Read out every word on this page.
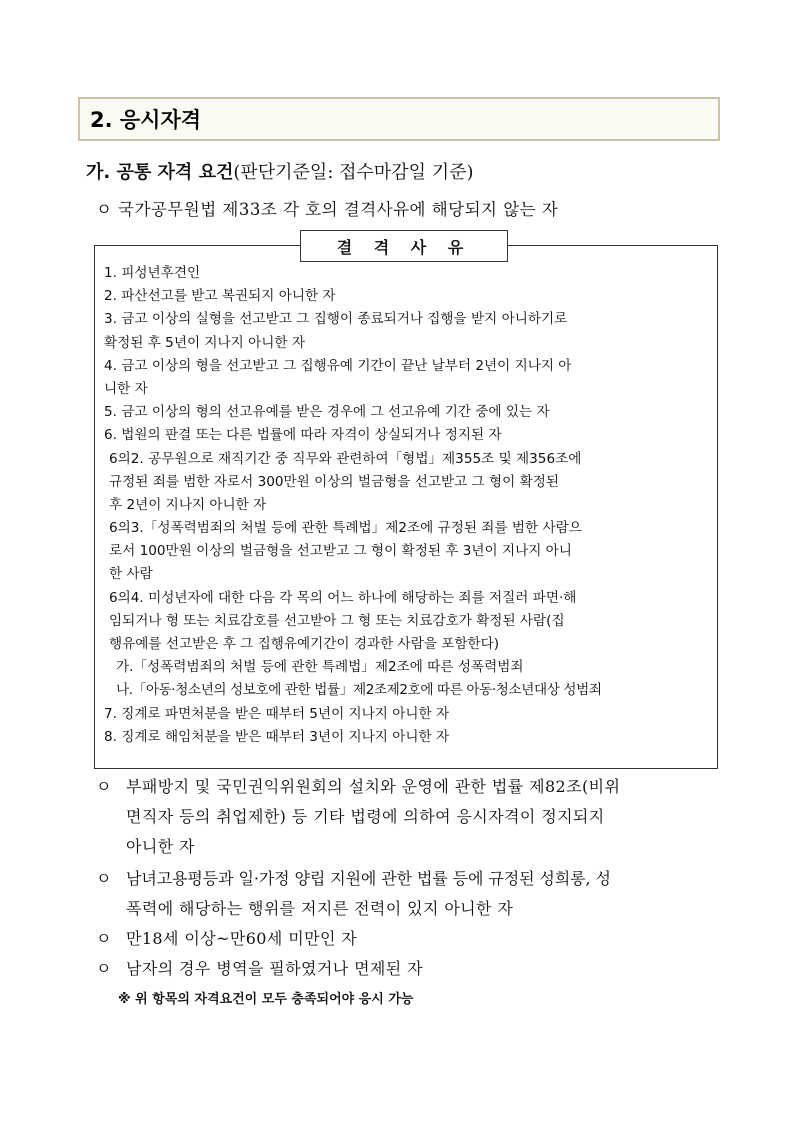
2. 응시자격
가. 공통 자격 요건(판단기준일: 접수마감일 기준)
ㅇ 국가공무원법 제33조 각 호의 결격사유에 해당되지 않는 자
결 격 사 유
1. 피성년후견인
2. 파산선고를 받고 복권되지 아니한 자
3. 금고 이상의 실형을 선고받고 그 집행이 종료되거나 집행을 받지 아니하기로
확정된 후 5년이 지나지 아니한 자
4. 금고 이상의 형을 선고받고 그 집행유예 기간이 끝난 날부터 2년이 지나지 아
니한 자
5. 금고 이상의 형의 선고유예를 받은 경우에 그 선고유예 기간 중에 있는 자
6. 법원의 판결 또는 다른 법률에 따라 자격이 상실되거나 정지된 자
6의2. 공무원으로 재직기간 중 직무와 관련하여「형법」제355조 및 제356조에
규정된 죄를 범한 자로서 300만원 이상의 벌금형을 선고받고 그 형이 확정된
후 2년이 지나지 아니한 자
6의3.「성폭력범죄의 처벌 등에 관한 특례법」제2조에 규정된 죄를 범한 사람으
로서 100만원 이상의 벌금형을 선고받고 그 형이 확정된 후 3년이 지나지 아니
한 사람
6의4. 미성년자에 대한 다음 각 목의 어느 하나에 해당하는 죄를 저질러 파면·해
임되거나 형 또는 치료감호를 선고받아 그 형 또는 치료감호가 확정된 사람(집
행유예를 선고받은 후 그 집행유예기간이 경과한 사람을 포함한다)
가.「성폭력범죄의 처벌 등에 관한 특례법」제2조에 따른 성폭력범죄
나.「아동·청소년의 성보호에 관한 법률」제2조제2호에 따른 아동·청소년대상 성범죄
7. 징계로 파면처분을 받은 때부터 5년이 지나지 아니한 자
8. 징계로 해임처분을 받은 때부터 3년이 지나지 아니한 자
ㅇ 부패방지 및 국민권익위원회의 설치와 운영에 관한 법률 제82조(비위
면직자 등의 취업제한) 등 기타 법령에 의하여 응시자격이 정지되지
아니한 자
ㅇ 남녀고용평등과 일·가정 양립 지원에 관한 법률 등에 규정된 성희롱, 성
폭력에 해당하는 행위를 저지른 전력이 있지 아니한 자
ㅇ 만18세 이상~만60세 미만인 자
ㅇ 남자의 경우 병역을 필하였거나 면제된 자
※ 위 항목의 자격요건이 모두 충족되어야 응시 가능
